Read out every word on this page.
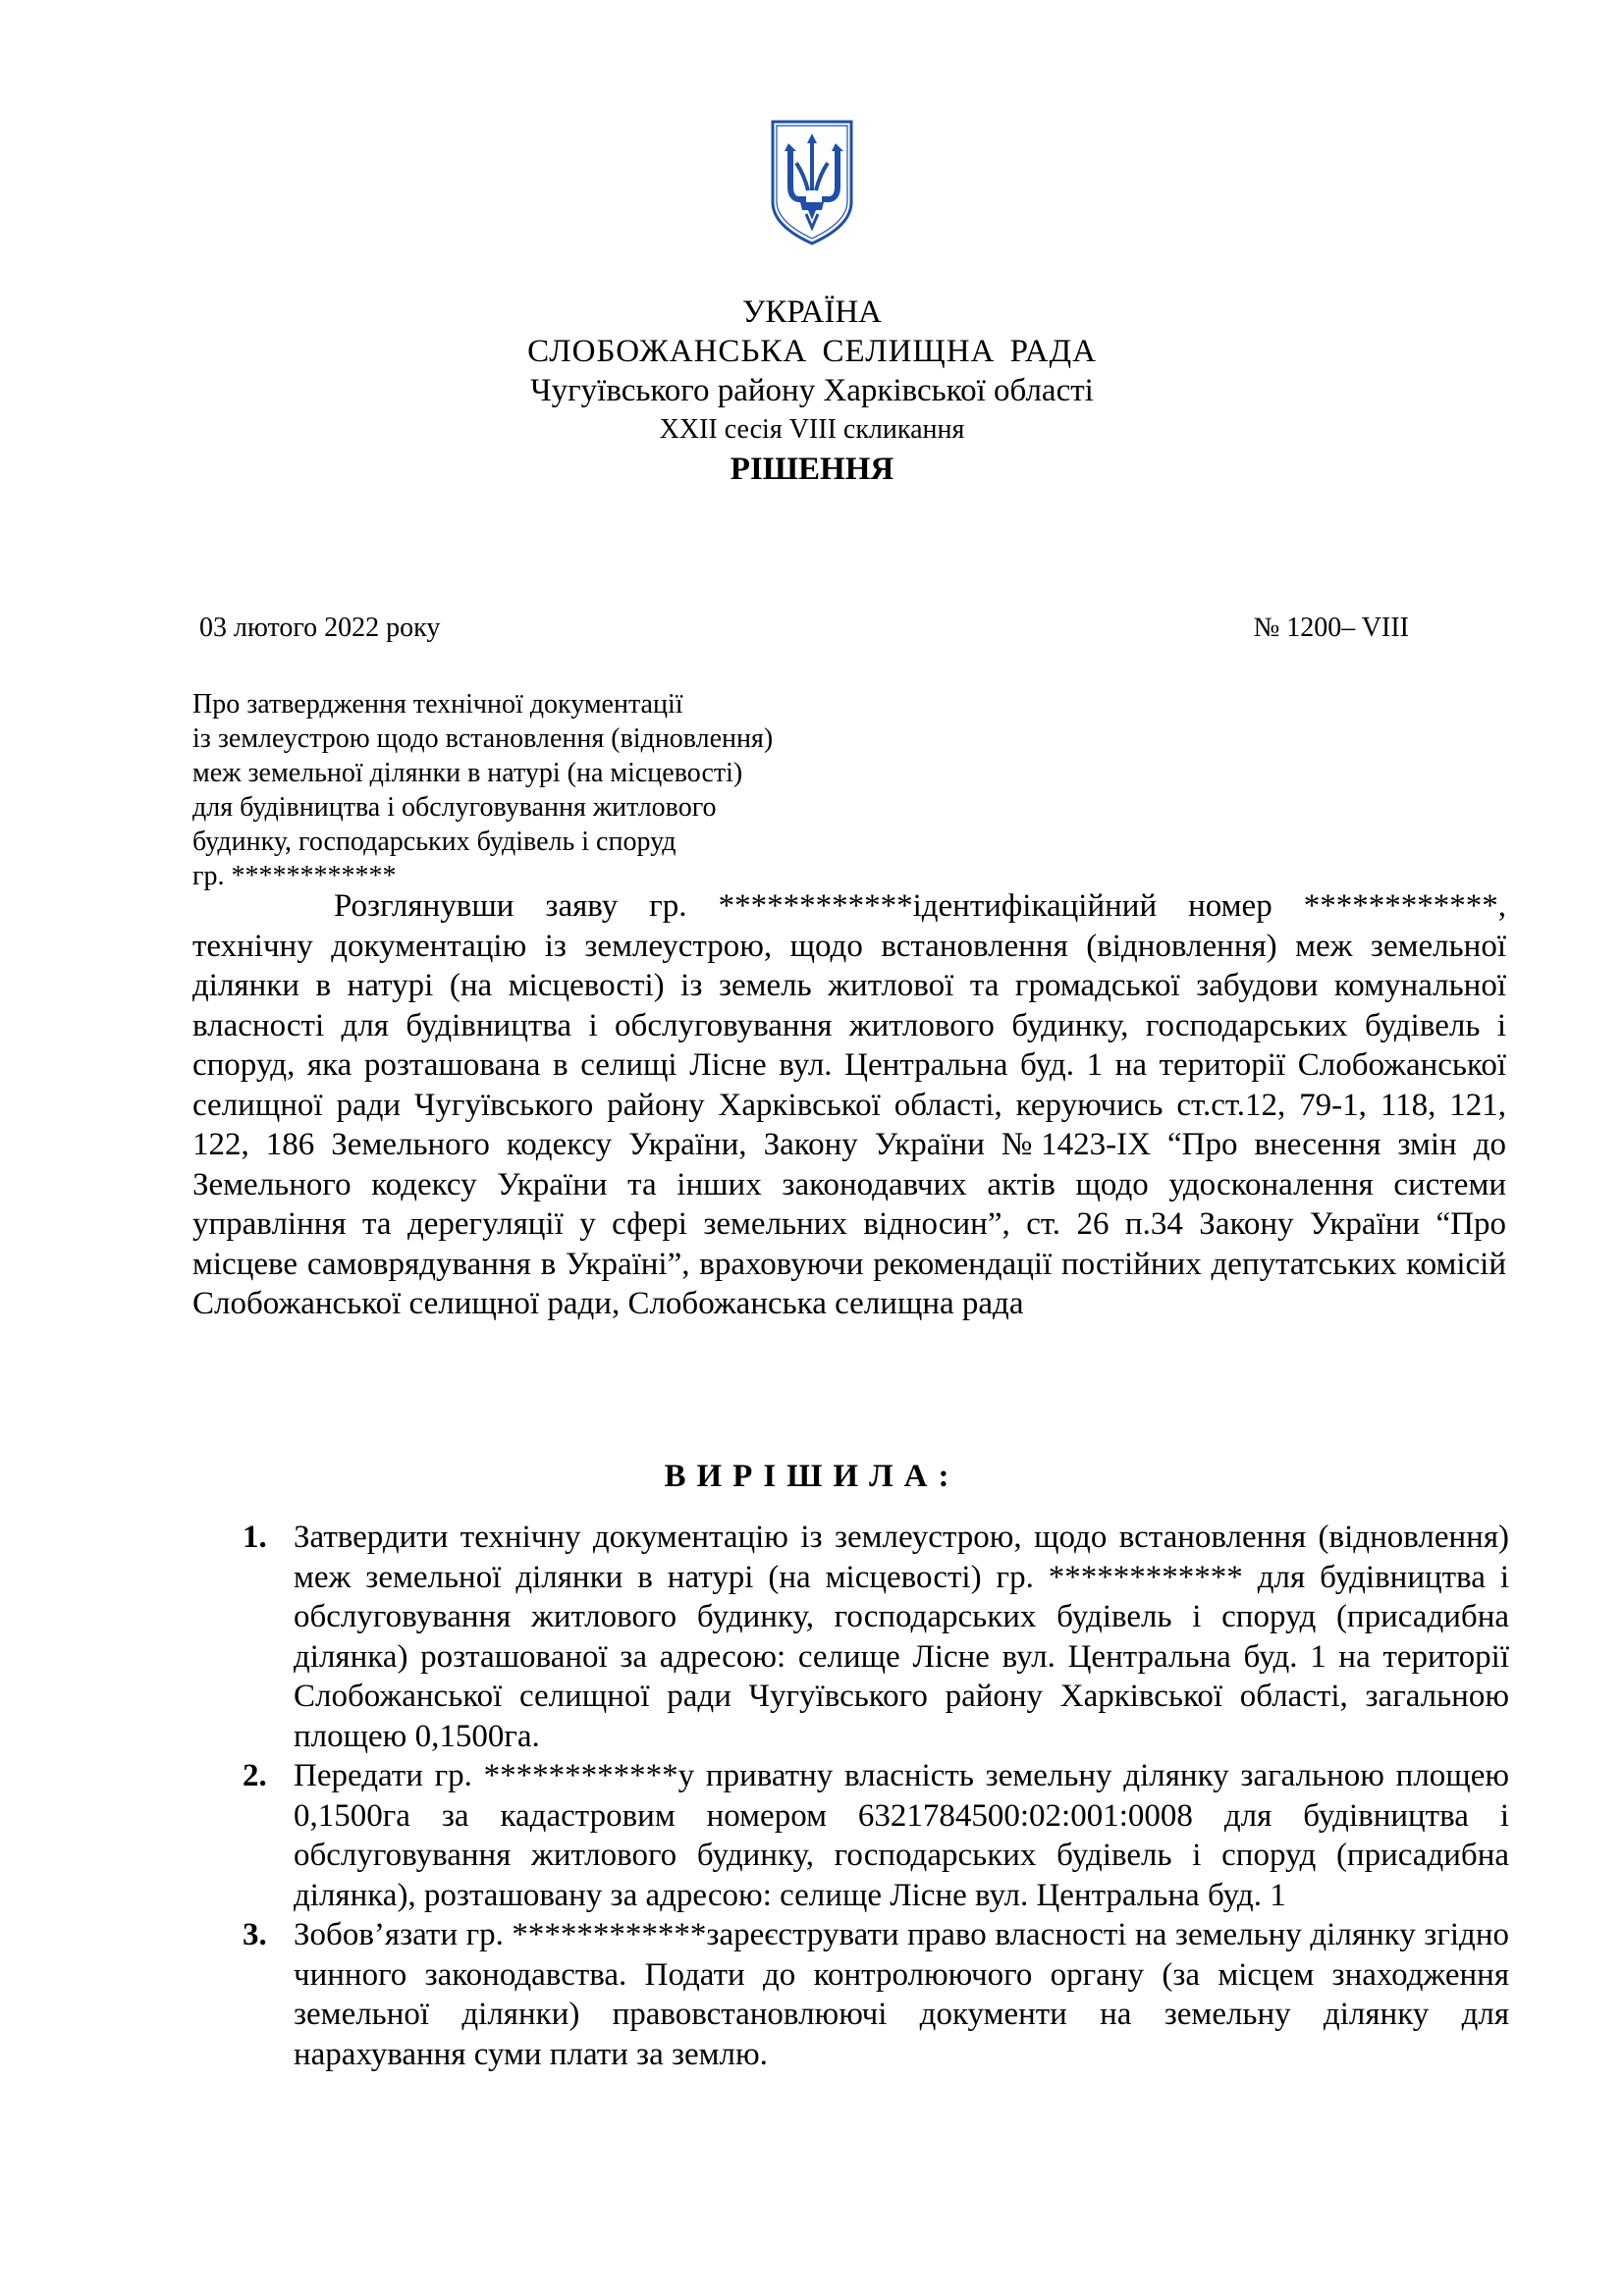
УКРАЇНА
СЛОБОЖАНСЬКА СЕЛИЩНА РАДА
Чугуївського району Харківської області
ХХІІ сесія VIII скликання
РІШЕННЯ
03 лютого 2022 року	№ 1200– VIII
Про затвердження технічної документації
із землеустрою щодо встановлення (відновлення)
меж земельної ділянки в натурі (на місцевості)
для будівництва і обслуговування житлового
будинку, господарських будівель і споруд
гр. ************

Розглянувши заяву гр. ************ідентифікаційний номер ************, технічну документацію із землеустрою, щодо встановлення (відновлення) меж земельної ділянки в натурі (на місцевості) із земель житлової та громадської забудови комунальної власності для будівництва і обслуговування житлового будинку, господарських будівель і споруд, яка розташована в селищі Лісне вул. Центральна буд. 1 на території Слобожанської селищної ради Чугуївського району Харківської області, керуючись ст.ст.12, 79-1, 118, 121, 122, 186 Земельного кодексу України, Закону України №1423-IX “Про внесення змін до Земельного кодексу України та інших законодавчих актів щодо удосконалення системи управління та дерегуляції у сфері земельних відносин”, ст. 26 п.34 Закону України “Про місцеве самоврядування в Україні”, враховуючи рекомендації постійних депутатських комісій Слобожанської селищної ради, Слобожанська селищна рада

ВИРІШИЛА:
1. Затвердити технічну документацію із землеустрою, щодо встановлення (відновлення) меж земельної ділянки в натурі (на місцевості) гр. ************ для будівництва і обслуговування житлового будинку, господарських будівель і споруд (присадибна ділянка) розташованої за адресою: селище Лісне вул. Центральна буд. 1 на території Слобожанської селищної ради Чугуївського району Харківської області, загальною площею 0,1500га.
2. Передати гр. ************у приватну власність земельну ділянку загальною площею 0,1500га за кадастровим номером 6321784500:02:001:0008 для будівництва і обслуговування житлового будинку, господарських будівель і споруд (присадибна ділянка), розташовану за адресою: селище Лісне вул. Центральна буд. 1
3. Зобов’язати гр. ************зареєструвати право власності на земельну ділянку згідно чинного законодавства. Подати до контролюючого органу (за місцем знаходження земельної ділянки) правовстановлюючі документи на земельну ділянку для нарахування суми плати за землю.
